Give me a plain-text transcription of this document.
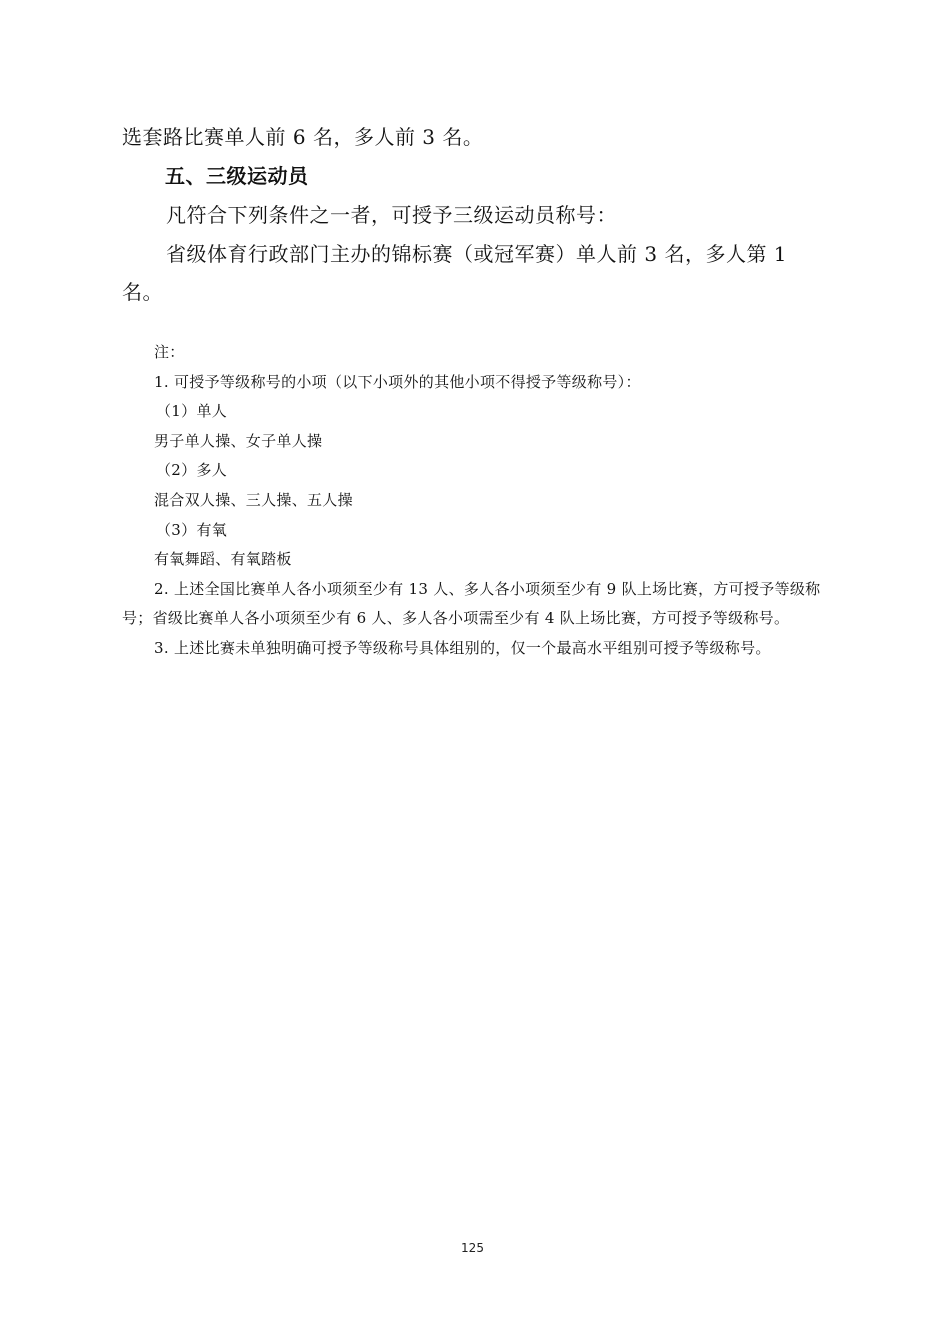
选套路比赛单人前 6 名，多人前 3 名。
五、三级运动员
凡符合下列条件之一者，可授予三级运动员称号：
省级体育行政部门主办的锦标赛（或冠军赛）单人前 3 名，多人第 1 名。
注：
1. 可授予等级称号的小项（以下小项外的其他小项不得授予等级称号）：
（1）单人
男子单人操、女子单人操
（2）多人
混合双人操、三人操、五人操
（3）有氧
有氧舞蹈、有氧踏板
2. 上述全国比赛单人各小项须至少有 13 人、多人各小项须至少有 9 队上场比赛，方可授予等级称号；省级比赛单人各小项须至少有 6 人、多人各小项需至少有 4 队上场比赛，方可授予等级称号。
3. 上述比赛未单独明确可授予等级称号具体组别的，仅一个最高水平组别可授予等级称号。
125
